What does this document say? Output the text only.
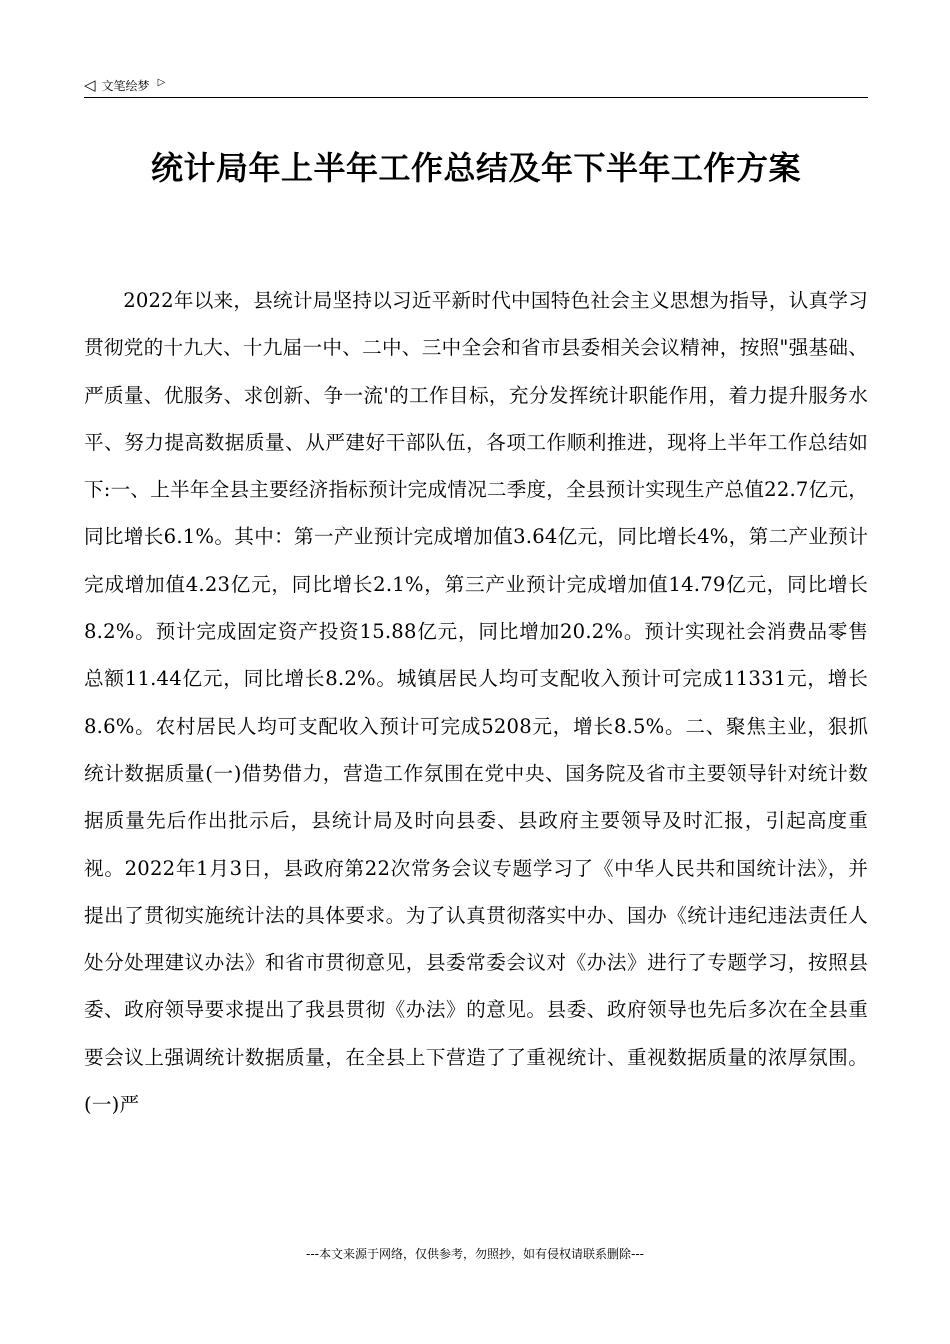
◁ 文笔绘梦 ▷
统计局年上半年工作总结及年下半年工作方案

2022年以来，县统计局坚持以习近平新时代中国特色社会主义思想为指导，认真学习贯彻党的十九大、十九届一中、二中、三中全会和省市县委相关会议精神，按照"强基础、严质量、优服务、求创新、争一流'的工作目标，充分发挥统计职能作用，着力提升服务水平、努力提高数据质量、从严建好干部队伍，各项工作顺利推进，现将上半年工作总结如下:一、上半年全县主要经济指标预计完成情况二季度，全县预计实现生产总值22.7亿元，同比增长6.1%。其中：第一产业预计完成增加值3.64亿元，同比增长4%，第二产业预计完成增加值4.23亿元，同比增长2.1%，第三产业预计完成增加值14.79亿元，同比增长8.2%。预计完成固定资产投资15.88亿元，同比增加20.2%。预计实现社会消费品零售总额11.44亿元，同比增长8.2%。城镇居民人均可支配收入预计可完成11331元，增长8.6%。农村居民人均可支配收入预计可完成5208元，增长8.5%。二、聚焦主业，狠抓统计数据质量(一)借势借力，营造工作氛围在党中央、国务院及省市主要领导针对统计数据质量先后作出批示后，县统计局及时向县委、县政府主要领导及时汇报，引起高度重视。2022年1月3日，县政府第22次常务会议专题学习了《中华人民共和国统计法》，并提出了贯彻实施统计法的具体要求。为了认真贯彻落实中办、国办《统计违纪违法责任人处分处理建议办法》和省市贯彻意见，县委常委会议对《办法》进行了专题学习，按照县委、政府领导要求提出了我县贯彻《办法》的意见。县委、政府领导也先后多次在全县重要会议上强调统计数据质量，在全县上下营造了了重视统计、重视数据质量的浓厚氛围。(一)严

---本文来源于网络，仅供参考，勿照抄，如有侵权请联系删除---
